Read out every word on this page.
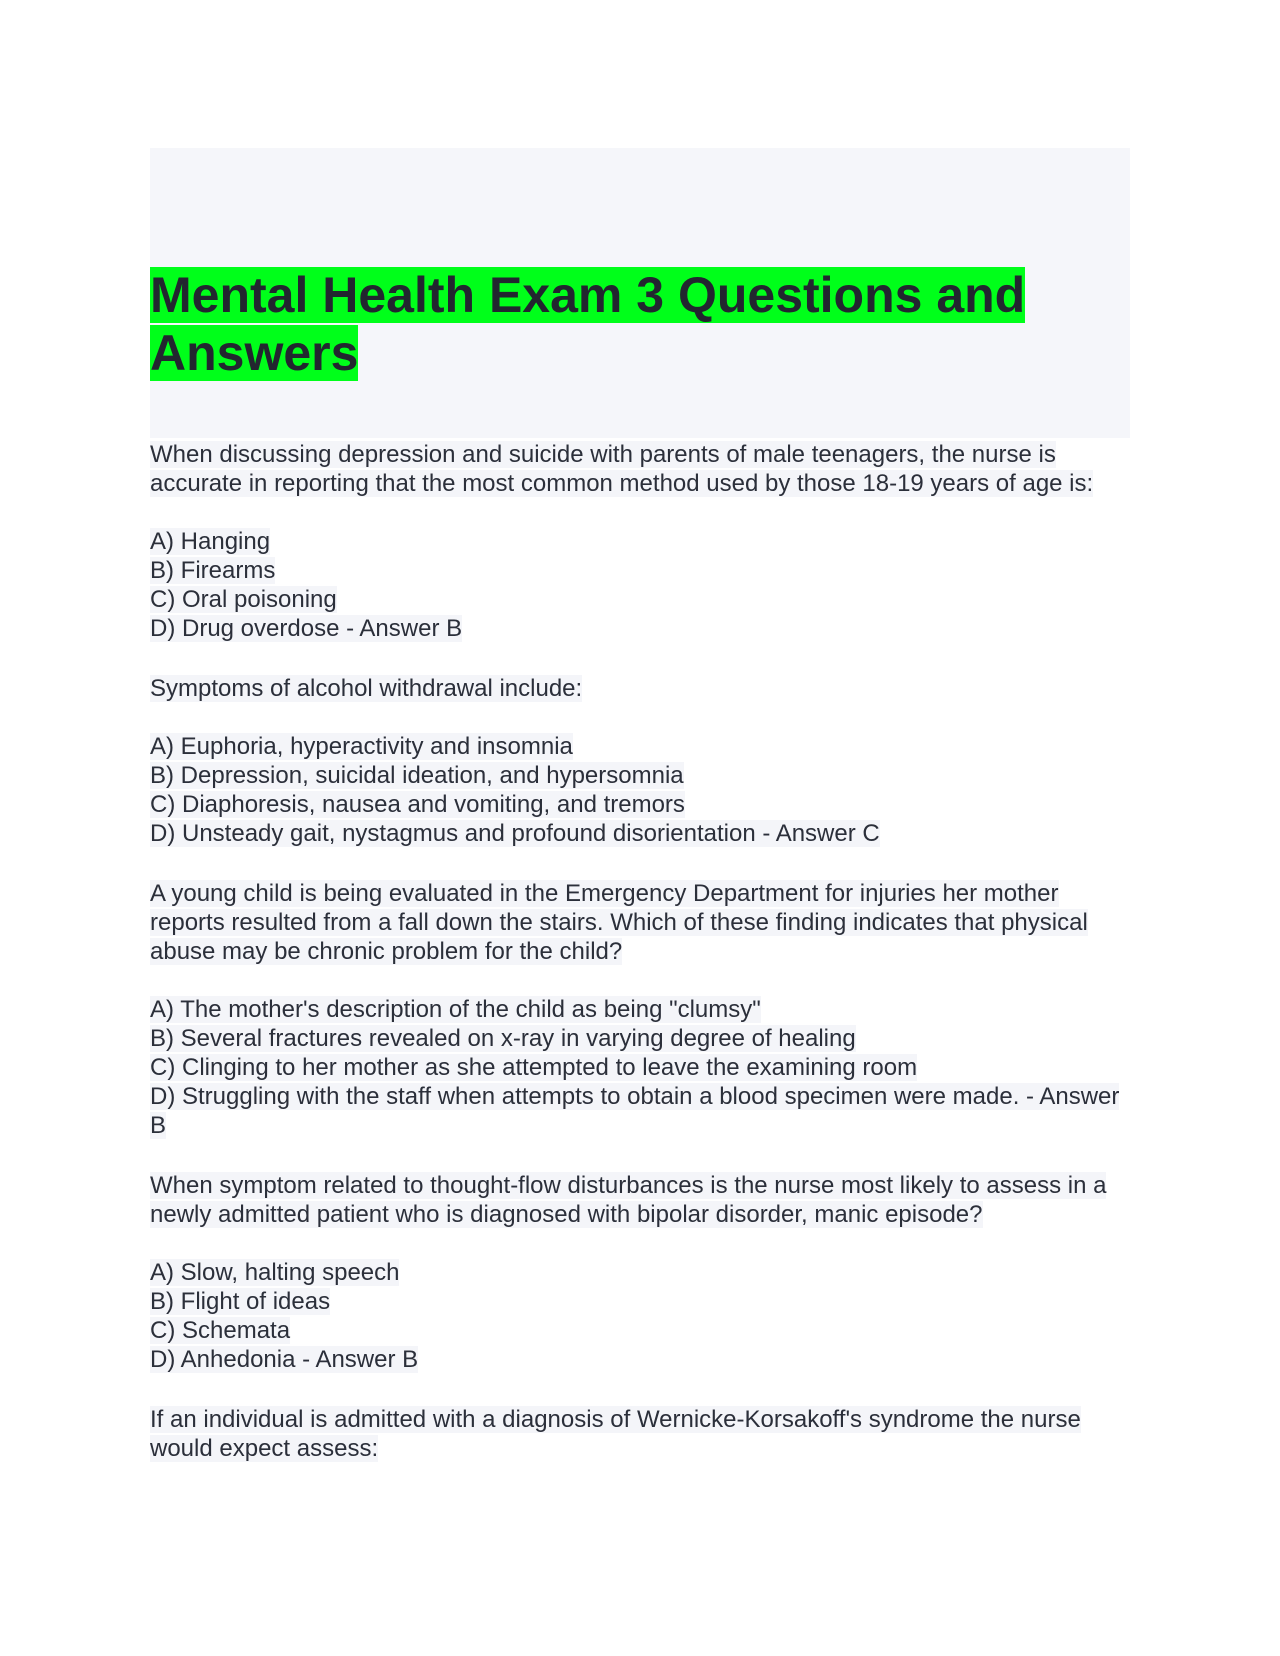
Mental Health Exam 3 Questions and Answers

When discussing depression and suicide with parents of male teenagers, the nurse is accurate in reporting that the most common method used by those 18-19 years of age is:

A) Hanging
B) Firearms
C) Oral poisoning
D) Drug overdose - Answer B

Symptoms of alcohol withdrawal include:

A) Euphoria, hyperactivity and insomnia
B) Depression, suicidal ideation, and hypersomnia
C) Diaphoresis, nausea and vomiting, and tremors
D) Unsteady gait, nystagmus and profound disorientation - Answer C

A young child is being evaluated in the Emergency Department for injuries her mother reports resulted from a fall down the stairs. Which of these finding indicates that physical abuse may be chronic problem for the child?

A) The mother's description of the child as being "clumsy"
B) Several fractures revealed on x-ray in varying degree of healing
C) Clinging to her mother as she attempted to leave the examining room
D) Struggling with the staff when attempts to obtain a blood specimen were made. - Answer B

When symptom related to thought-flow disturbances is the nurse most likely to assess in a newly admitted patient who is diagnosed with bipolar disorder, manic episode?

A) Slow, halting speech
B) Flight of ideas
C) Schemata
D) Anhedonia - Answer B

If an individual is admitted with a diagnosis of Wernicke-Korsakoff's syndrome the nurse would expect assess:
